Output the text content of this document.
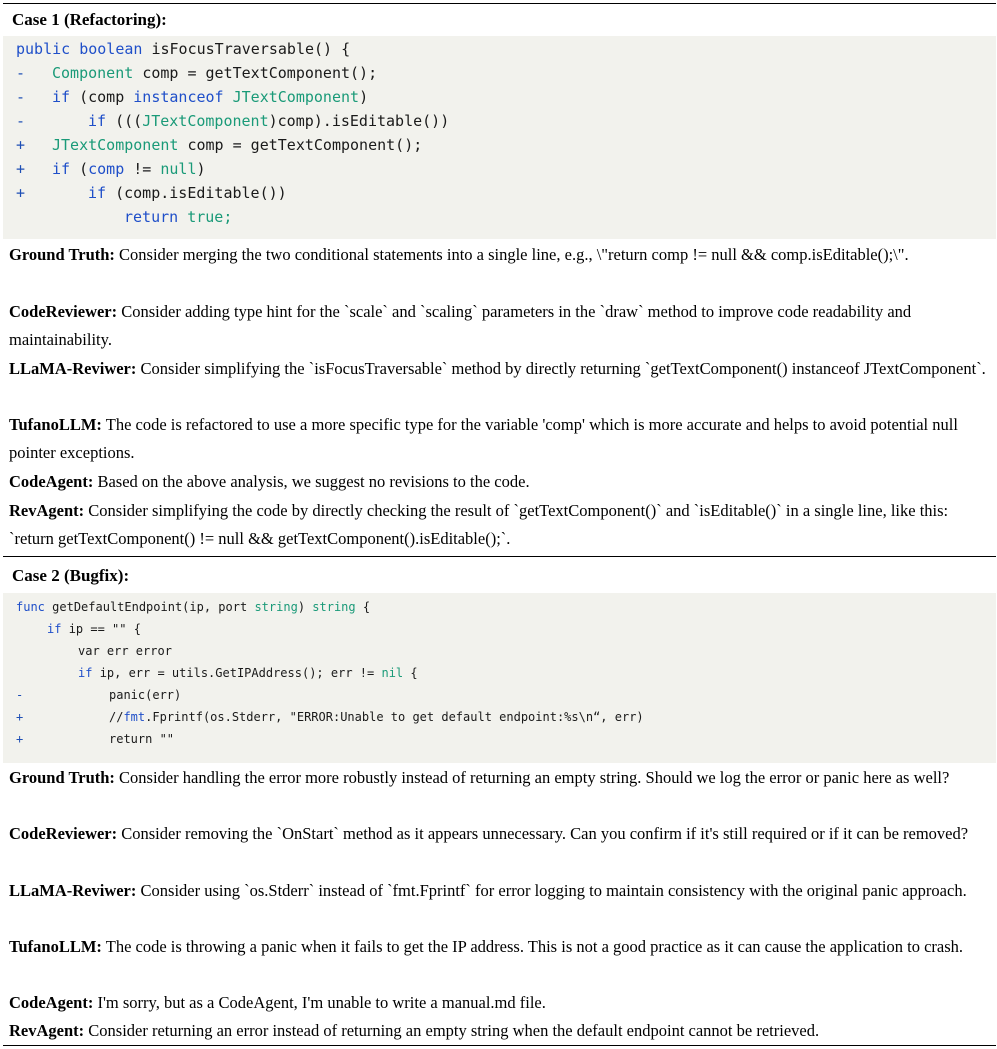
Case 1 (Refactoring):
public boolean isFocusTraversable() {
- Component comp = getTextComponent();
- if (comp instanceof JTextComponent)
-	if (((JTextComponent)comp).isEditable())
+ JTextComponent comp = getTextComponent();
+ if (comp != null)
+	if (comp.isEditable())
return true;
Ground Truth: Consider merging the two conditional statements into a single line, e.g., \"return comp != null && comp.isEditable();\".
CodeReviewer: Consider adding type hint for the `scale` and `scaling` parameters in the `draw` method to improve code readability and maintainability.
LLaMA-Reviwer: Consider simplifying the `isFocusTraversable` method by directly returning `getTextComponent() instanceof JTextComponent`.
TufanoLLM: The code is refactored to use a more specific type for the variable 'comp' which is more accurate and helps to avoid potential null pointer exceptions.
CodeAgent: Based on the above analysis, we suggest no revisions to the code.
RevAgent: Consider simplifying the code by directly checking the result of `getTextComponent()` and `isEditable()` in a single line, like this: `return getTextComponent() != null && getTextComponent().isEditable();`.
Case 2 (Bugfix):
func getDefaultEndpoint(ip, port string) string {
if ip == "" {
var err error
if ip, err = utils.GetIPAddress(); err != nil {
-	panic(err)
+	//fmt.Fprintf(os.Stderr, "ERROR:Unable to get default endpoint:%s\n“, err)
+	return ""
Ground Truth: Consider handling the error more robustly instead of returning an empty string. Should we log the error or panic here as well?
CodeReviewer: Consider removing the `OnStart` method as it appears unnecessary. Can you confirm if it's still required or if it can be removed?
LLaMA-Reviwer: Consider using `os.Stderr` instead of `fmt.Fprintf` for error logging to maintain consistency with the original panic approach.
TufanoLLM: The code is throwing a panic when it fails to get the IP address. This is not a good practice as it can cause the application to crash.
CodeAgent: I'm sorry, but as a CodeAgent, I'm unable to write a manual.md file.
RevAgent: Consider returning an error instead of returning an empty string when the default endpoint cannot be retrieved.
